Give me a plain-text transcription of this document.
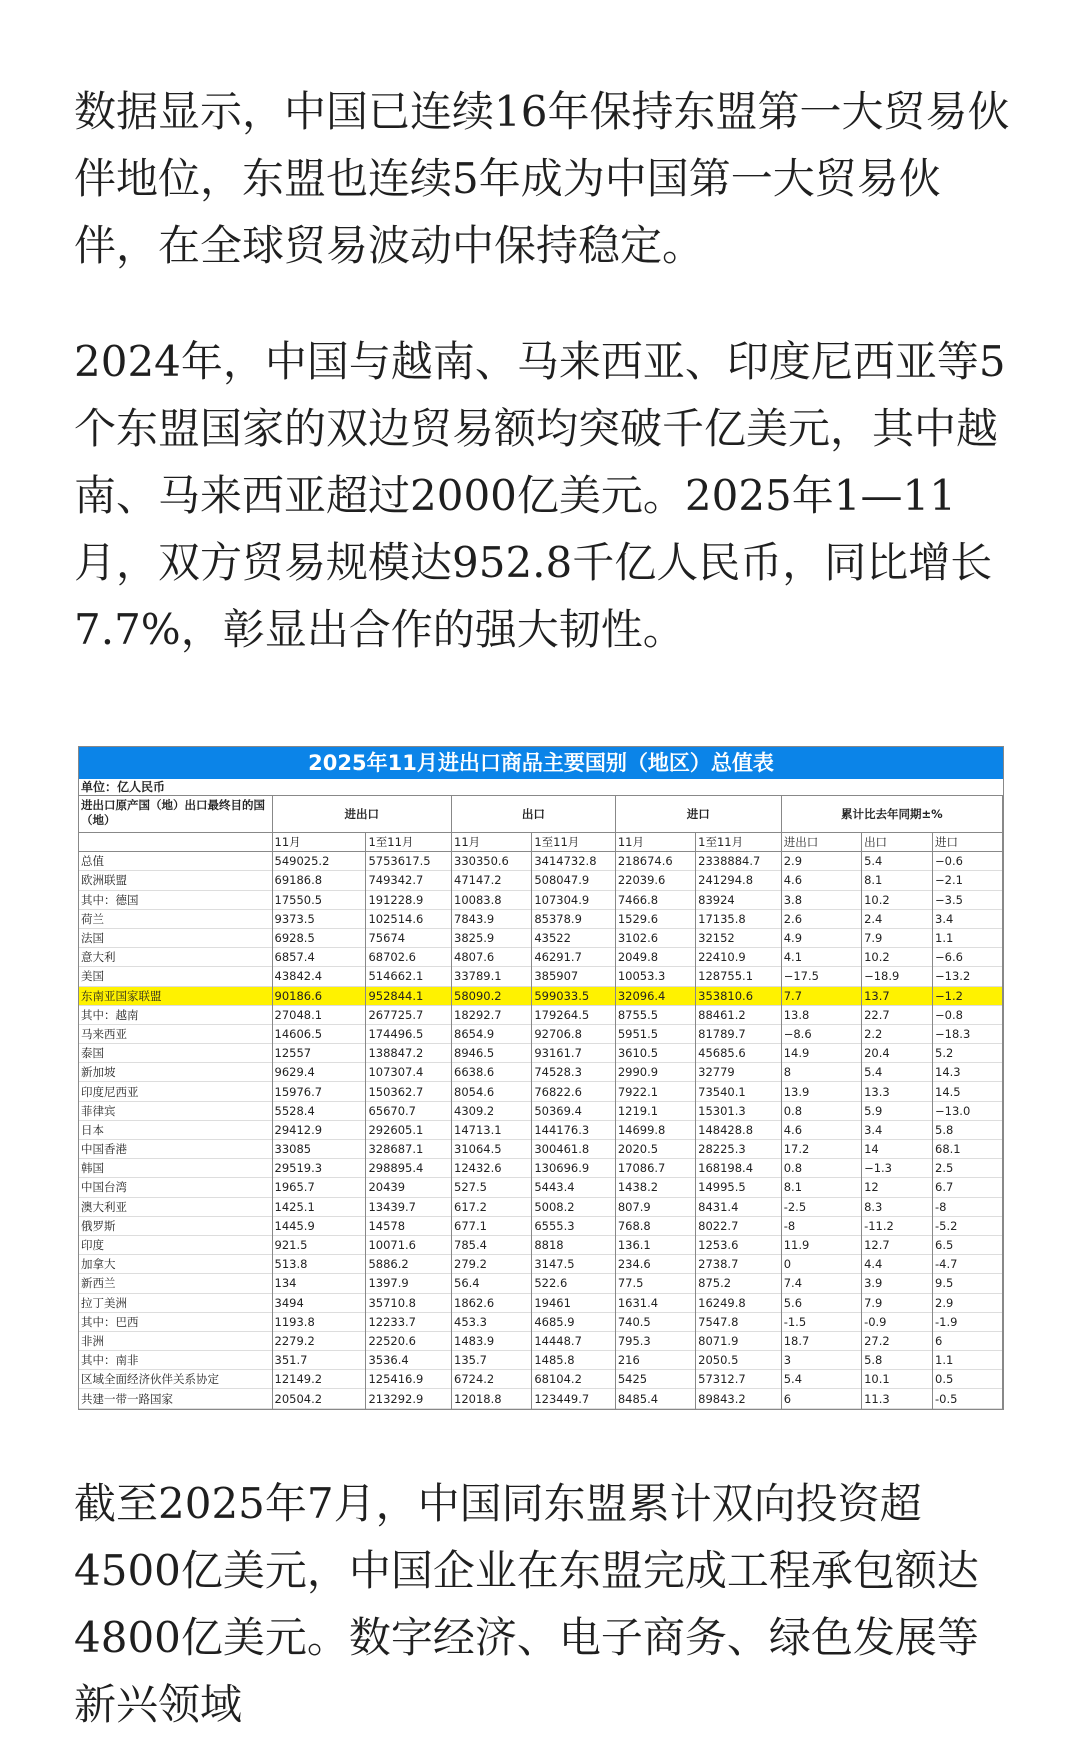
数据显示，中国已连续16年保持东盟第一大贸易伙伴地位，东盟也连续5年成为中国第一大贸易伙伴，在全球贸易波动中保持稳定。

2024年，中国与越南、马来西亚、印度尼西亚等5个东盟国家的双边贸易额均突破千亿美元，其中越南、马来西亚超过2000亿美元。2025年1—11月，双方贸易规模达952.8千亿人民币，同比增长7.7%，彰显出合作的强大韧性。

2025年11月进出口商品主要国别（地区）总值表
单位：亿人民币
进出口原产国（地）出口最终目的国（地）	进出口		出口		进口		累计比去年同期±%		
	11月	1至11月	11月	1至11月	11月	1至11月	进出口	出口	进口
总值	549025.2	5753617.5	330350.6	3414732.8	218674.6	2338884.7	2.9	5.4	−0.6
欧洲联盟	69186.8	749342.7	47147.2	508047.9	22039.6	241294.8	4.6	8.1	−2.1
其中：德国	17550.5	191228.9	10083.8	107304.9	7466.8	83924	3.8	10.2	−3.5
荷兰	9373.5	102514.6	7843.9	85378.9	1529.6	17135.8	2.6	2.4	3.4
法国	6928.5	75674	3825.9	43522	3102.6	32152	4.9	7.9	1.1
意大利	6857.4	68702.6	4807.6	46291.7	2049.8	22410.9	4.1	10.2	−6.6
美国	43842.4	514662.1	33789.1	385907	10053.3	128755.1	−17.5	−18.9	−13.2
东南亚国家联盟	90186.6	952844.1	58090.2	599033.5	32096.4	353810.6	7.7	13.7	−1.2
其中：越南	27048.1	267725.7	18292.7	179264.5	8755.5	88461.2	13.8	22.7	−0.8
马来西亚	14606.5	174496.5	8654.9	92706.8	5951.5	81789.7	−8.6	2.2	−18.3
泰国	12557	138847.2	8946.5	93161.7	3610.5	45685.6	14.9	20.4	5.2
新加坡	9629.4	107307.4	6638.6	74528.3	2990.9	32779	8	5.4	14.3
印度尼西亚	15976.7	150362.7	8054.6	76822.6	7922.1	73540.1	13.9	13.3	14.5
菲律宾	5528.4	65670.7	4309.2	50369.4	1219.1	15301.3	0.8	5.9	−13.0
日本	29412.9	292605.1	14713.1	144176.3	14699.8	148428.8	4.6	3.4	5.8
中国香港	33085	328687.1	31064.5	300461.8	2020.5	28225.3	17.2	14	68.1
韩国	29519.3	298895.4	12432.6	130696.9	17086.7	168198.4	0.8	−1.3	2.5
中国台湾	1965.7	20439	527.5	5443.4	1438.2	14995.5	8.1	12	6.7
澳大利亚	1425.1	13439.7	617.2	5008.2	807.9	8431.4	-2.5	8.3	-8
俄罗斯	1445.9	14578	677.1	6555.3	768.8	8022.7	-8	-11.2	-5.2
印度	921.5	10071.6	785.4	8818	136.1	1253.6	11.9	12.7	6.5
加拿大	513.8	5886.2	279.2	3147.5	234.6	2738.7	0	4.4	-4.7
新西兰	134	1397.9	56.4	522.6	77.5	875.2	7.4	3.9	9.5
拉丁美洲	3494	35710.8	1862.6	19461	1631.4	16249.8	5.6	7.9	2.9
其中：巴西	1193.8	12233.7	453.3	4685.9	740.5	7547.8	-1.5	-0.9	-1.9
非洲	2279.2	22520.6	1483.9	14448.7	795.3	8071.9	18.7	27.2	6
其中：南非	351.7	3536.4	135.7	1485.8	216	2050.5	3	5.8	1.1
区域全面经济伙伴关系协定	12149.2	125416.9	6724.2	68104.2	5425	57312.7	5.4	10.1	0.5
共建一带一路国家	20504.2	213292.9	12018.8	123449.7	8485.4	89843.2	6	11.3	-0.5

截至2025年7月，中国同东盟累计双向投资超4500亿美元，中国企业在东盟完成工程承包额达4800亿美元。数字经济、电子商务、绿色发展等新兴领域
